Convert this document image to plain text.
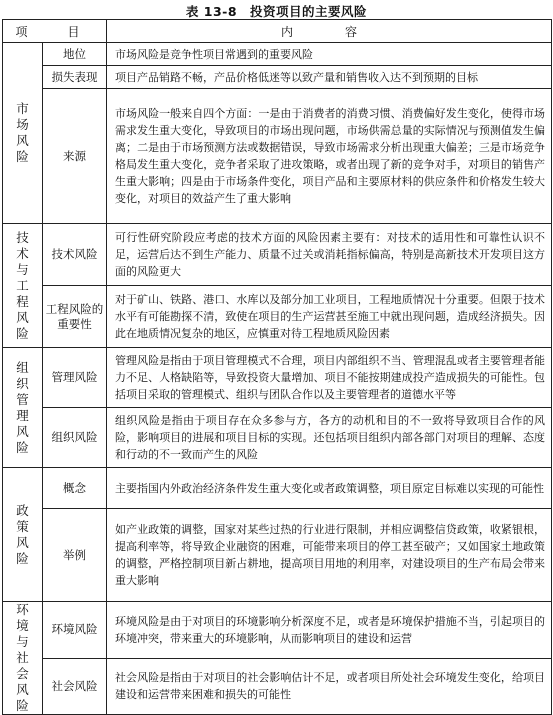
表 13-8　投资项目的主要风险
项　目		内　容
市场风险	地位	市场风险是竞争性项目常遇到的重要风险
	损失表现	项目产品销路不畅，产品价格低迷等以致产量和销售收入达不到预期的目标
	来源	市场风险一般来自四个方面：一是由于消费者的消费习惯、消费偏好发生变化，使得市场需求发生重大变化，导致项目的市场出现问题，市场供需总量的实际情况与预测值发生偏离；二是由于市场预测方法或数据错误，导致市场需求分析出现重大偏差；三是市场竞争格局发生重大变化，竞争者采取了进攻策略，或者出现了新的竞争对手，对项目的销售产生重大影响；四是由于市场条件变化，项目产品和主要原材料的供应条件和价格发生较大变化，对项目的效益产生了重大影响
技术与工程风险	技术风险	可行性研究阶段应考虑的技术方面的风险因素主要有：对技术的适用性和可靠性认识不足，运营后达不到生产能力、质量不过关或消耗指标偏高，特别是高新技术开发项目这方面的风险更大
	工程风险的重要性	对于矿山、铁路、港口、水库以及部分加工业项目，工程地质情况十分重要。但限于技术水平有可能勘探不清，致使在项目的生产运营甚至施工中就出现问题，造成经济损失。因此在地质情况复杂的地区，应慎重对待工程地质风险因素
组织管理风险	管理风险	管理风险是指由于项目管理模式不合理，项目内部组织不当、管理混乱或者主要管理者能力不足、人格缺陷等，导致投资大量增加、项目不能按期建成投产造成损失的可能性。包括项目采取的管理模式、组织与团队合作以及主要管理者的道德水平等
	组织风险	组织风险是指由于项目存在众多参与方，各方的动机和目的不一致将导致项目合作的风险，影响项目的进展和项目目标的实现。还包括项目组织内部各部门对项目的理解、态度和行动的不一致而产生的风险
政策风险	概念	主要指国内外政治经济条件发生重大变化或者政策调整，项目原定目标难以实现的可能性
	举例	如产业政策的调整，国家对某些过热的行业进行限制，并相应调整信贷政策，收紧银根，提高利率等，将导致企业融资的困难，可能带来项目的停工甚至破产；又如国家土地政策的调整，严格控制项目新占耕地，提高项目用地的利用率，对建设项目的生产布局会带来重大影响
环境与社会风险	环境风险	环境风险是由于对项目的环境影响分析深度不足，或者是环境保护措施不当，引起项目的环境冲突，带来重大的环境影响，从而影响项目的建设和运营
	社会风险	社会风险是指由于对项目的社会影响估计不足，或者项目所处社会环境发生变化，给项目建设和运营带来困难和损失的可能性
